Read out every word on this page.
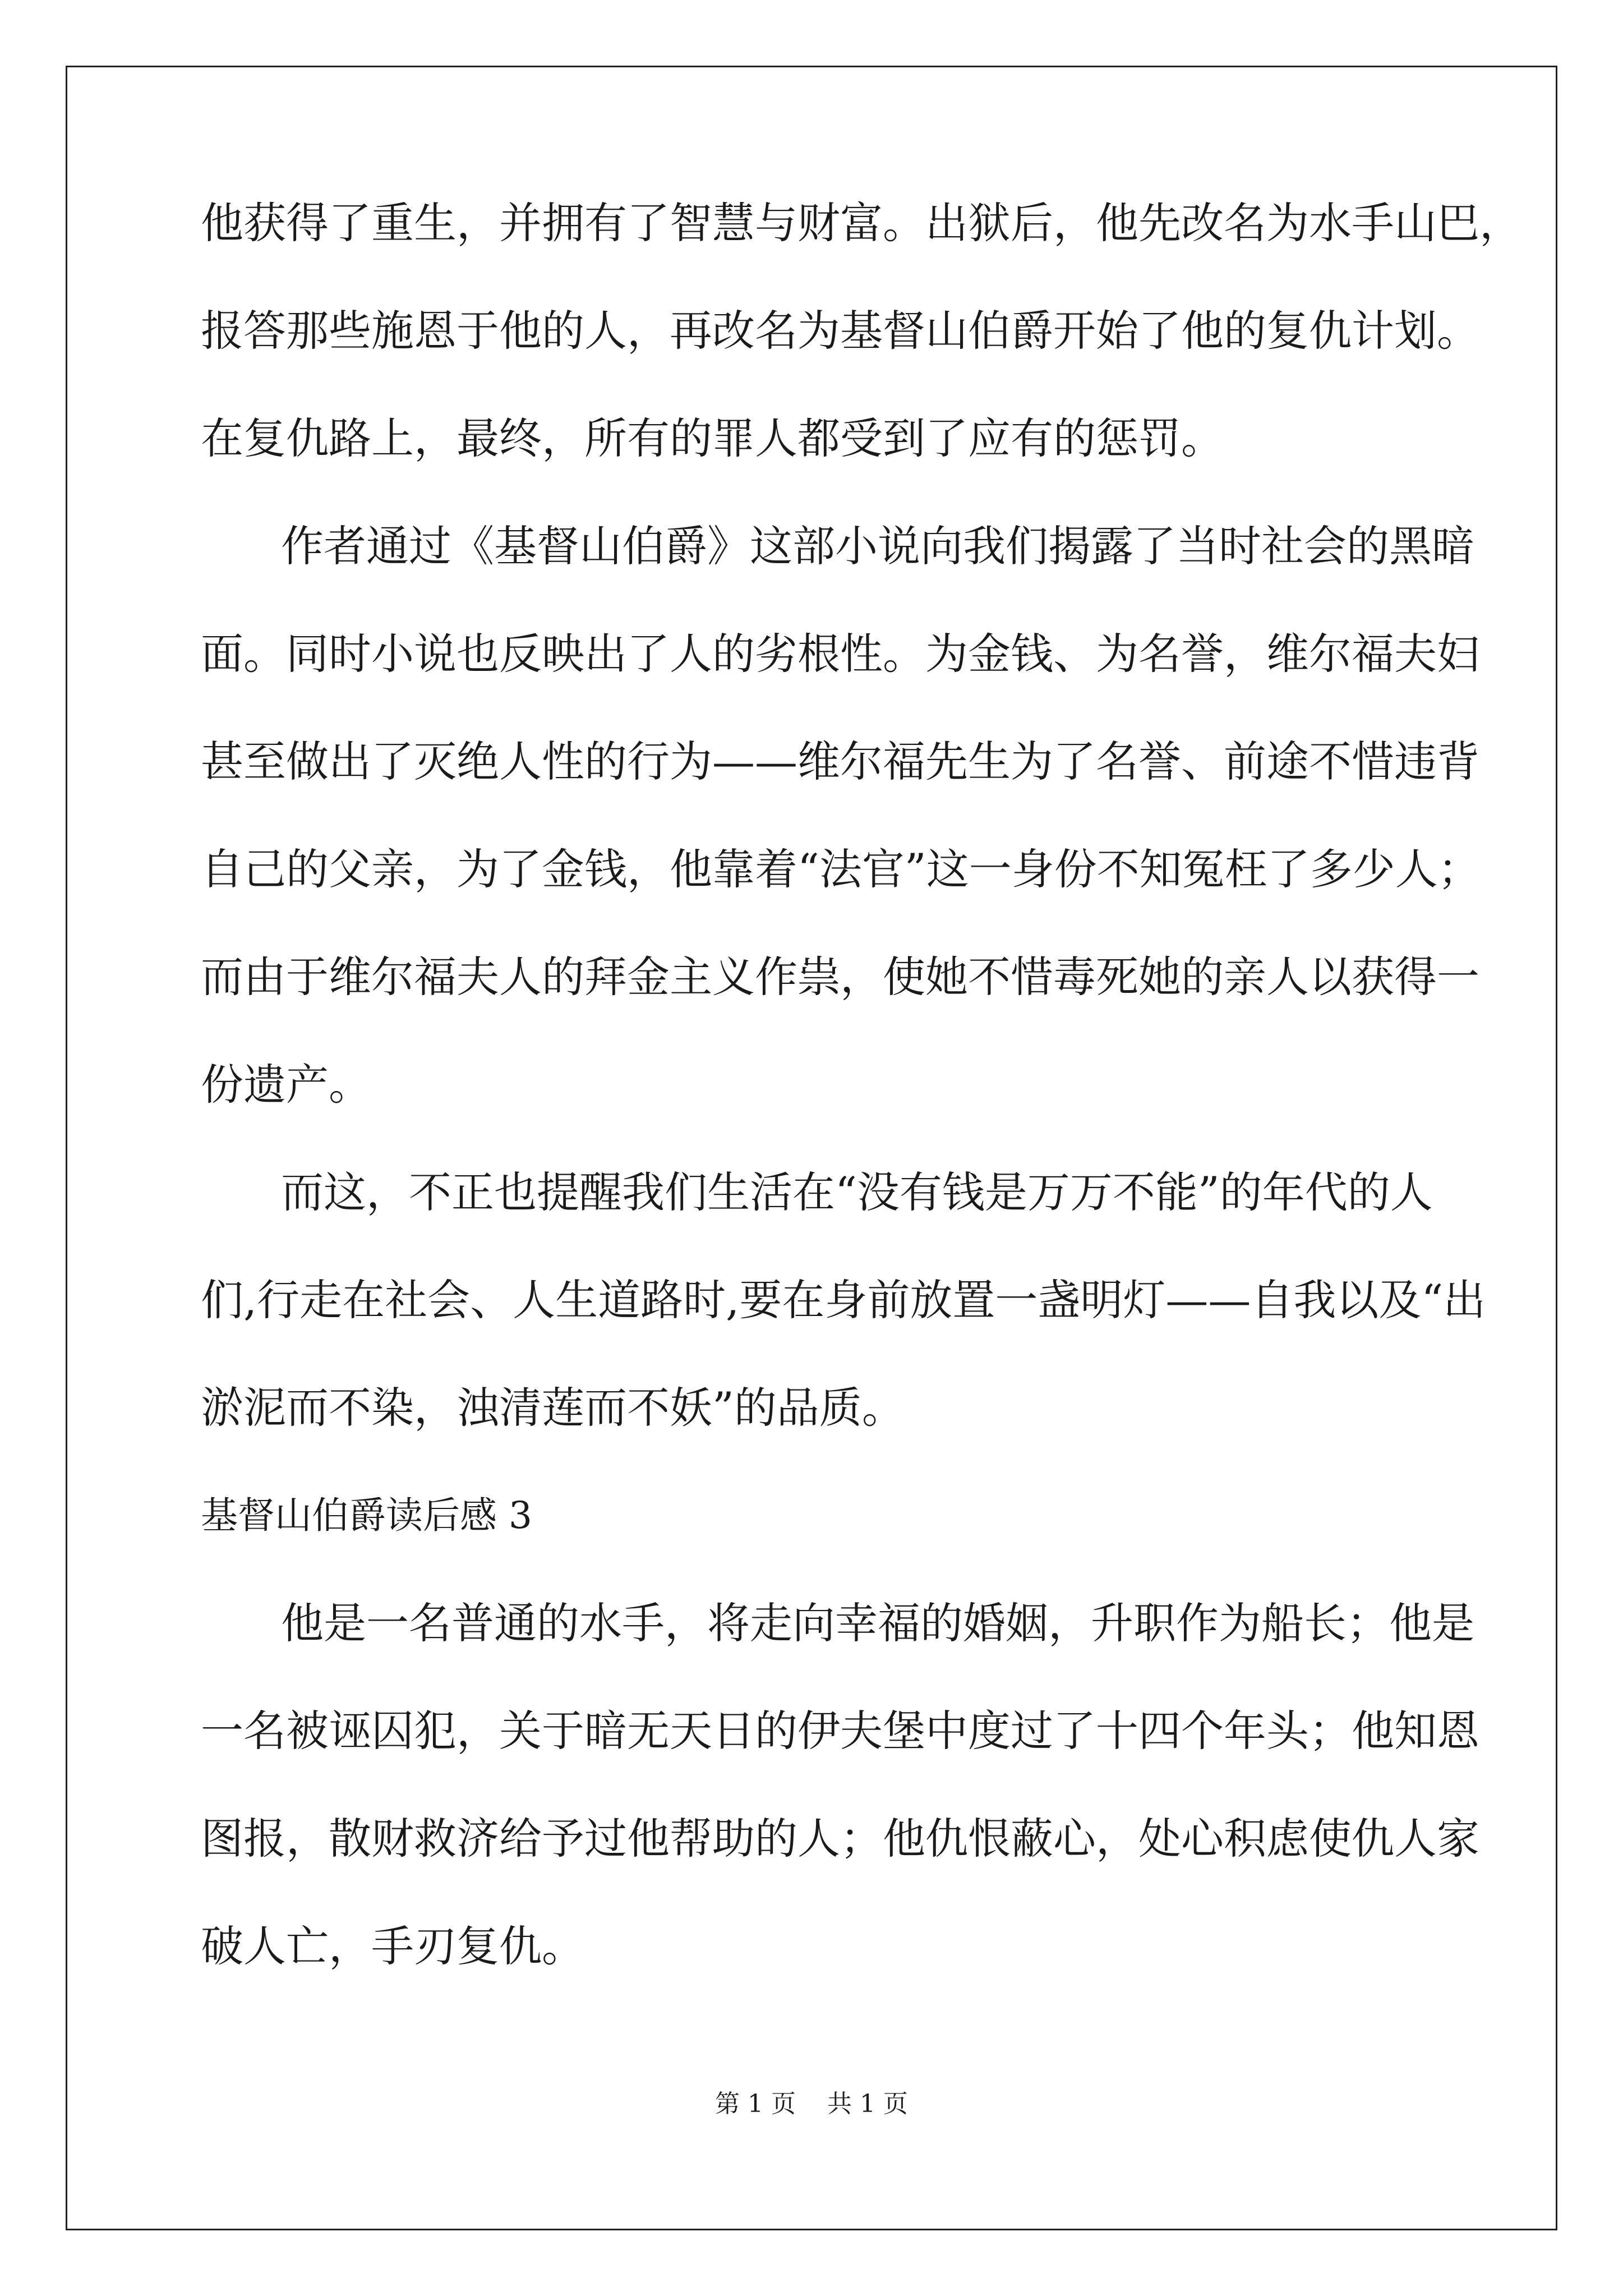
他获得了重生，并拥有了智慧与财富。出狱后，他先改名为水手山巴，
报答那些施恩于他的人，再改名为基督山伯爵开始了他的复仇计划。
在复仇路上，最终，所有的罪人都受到了应有的惩罚。
作者通过《基督山伯爵》这部小说向我们揭露了当时社会的黑暗
面。同时小说也反映出了人的劣根性。为金钱、为名誉，维尔福夫妇
甚至做出了灭绝人性的行为——维尔福先生为了名誉、前途不惜违背
自己的父亲，为了金钱，他靠着“法官”这一身份不知冤枉了多少人；
而由于维尔福夫人的拜金主义作祟，使她不惜毒死她的亲人以获得一
份遗产。
而这，不正也提醒我们生活在“没有钱是万万不能”的年代的人
们,行走在社会、人生道路时,要在身前放置一盏明灯——自我以及“出
淤泥而不染，浊清莲而不妖”的品质。
基督山伯爵读后感 3
他是一名普通的水手，将走向幸福的婚姻，升职作为船长；他是
一名被诬囚犯，关于暗无天日的伊夫堡中度过了十四个年头；他知恩
图报，散财救济给予过他帮助的人；他仇恨蔽心，处心积虑使仇人家
破人亡，手刃复仇。
第 1 页    共 1 页
